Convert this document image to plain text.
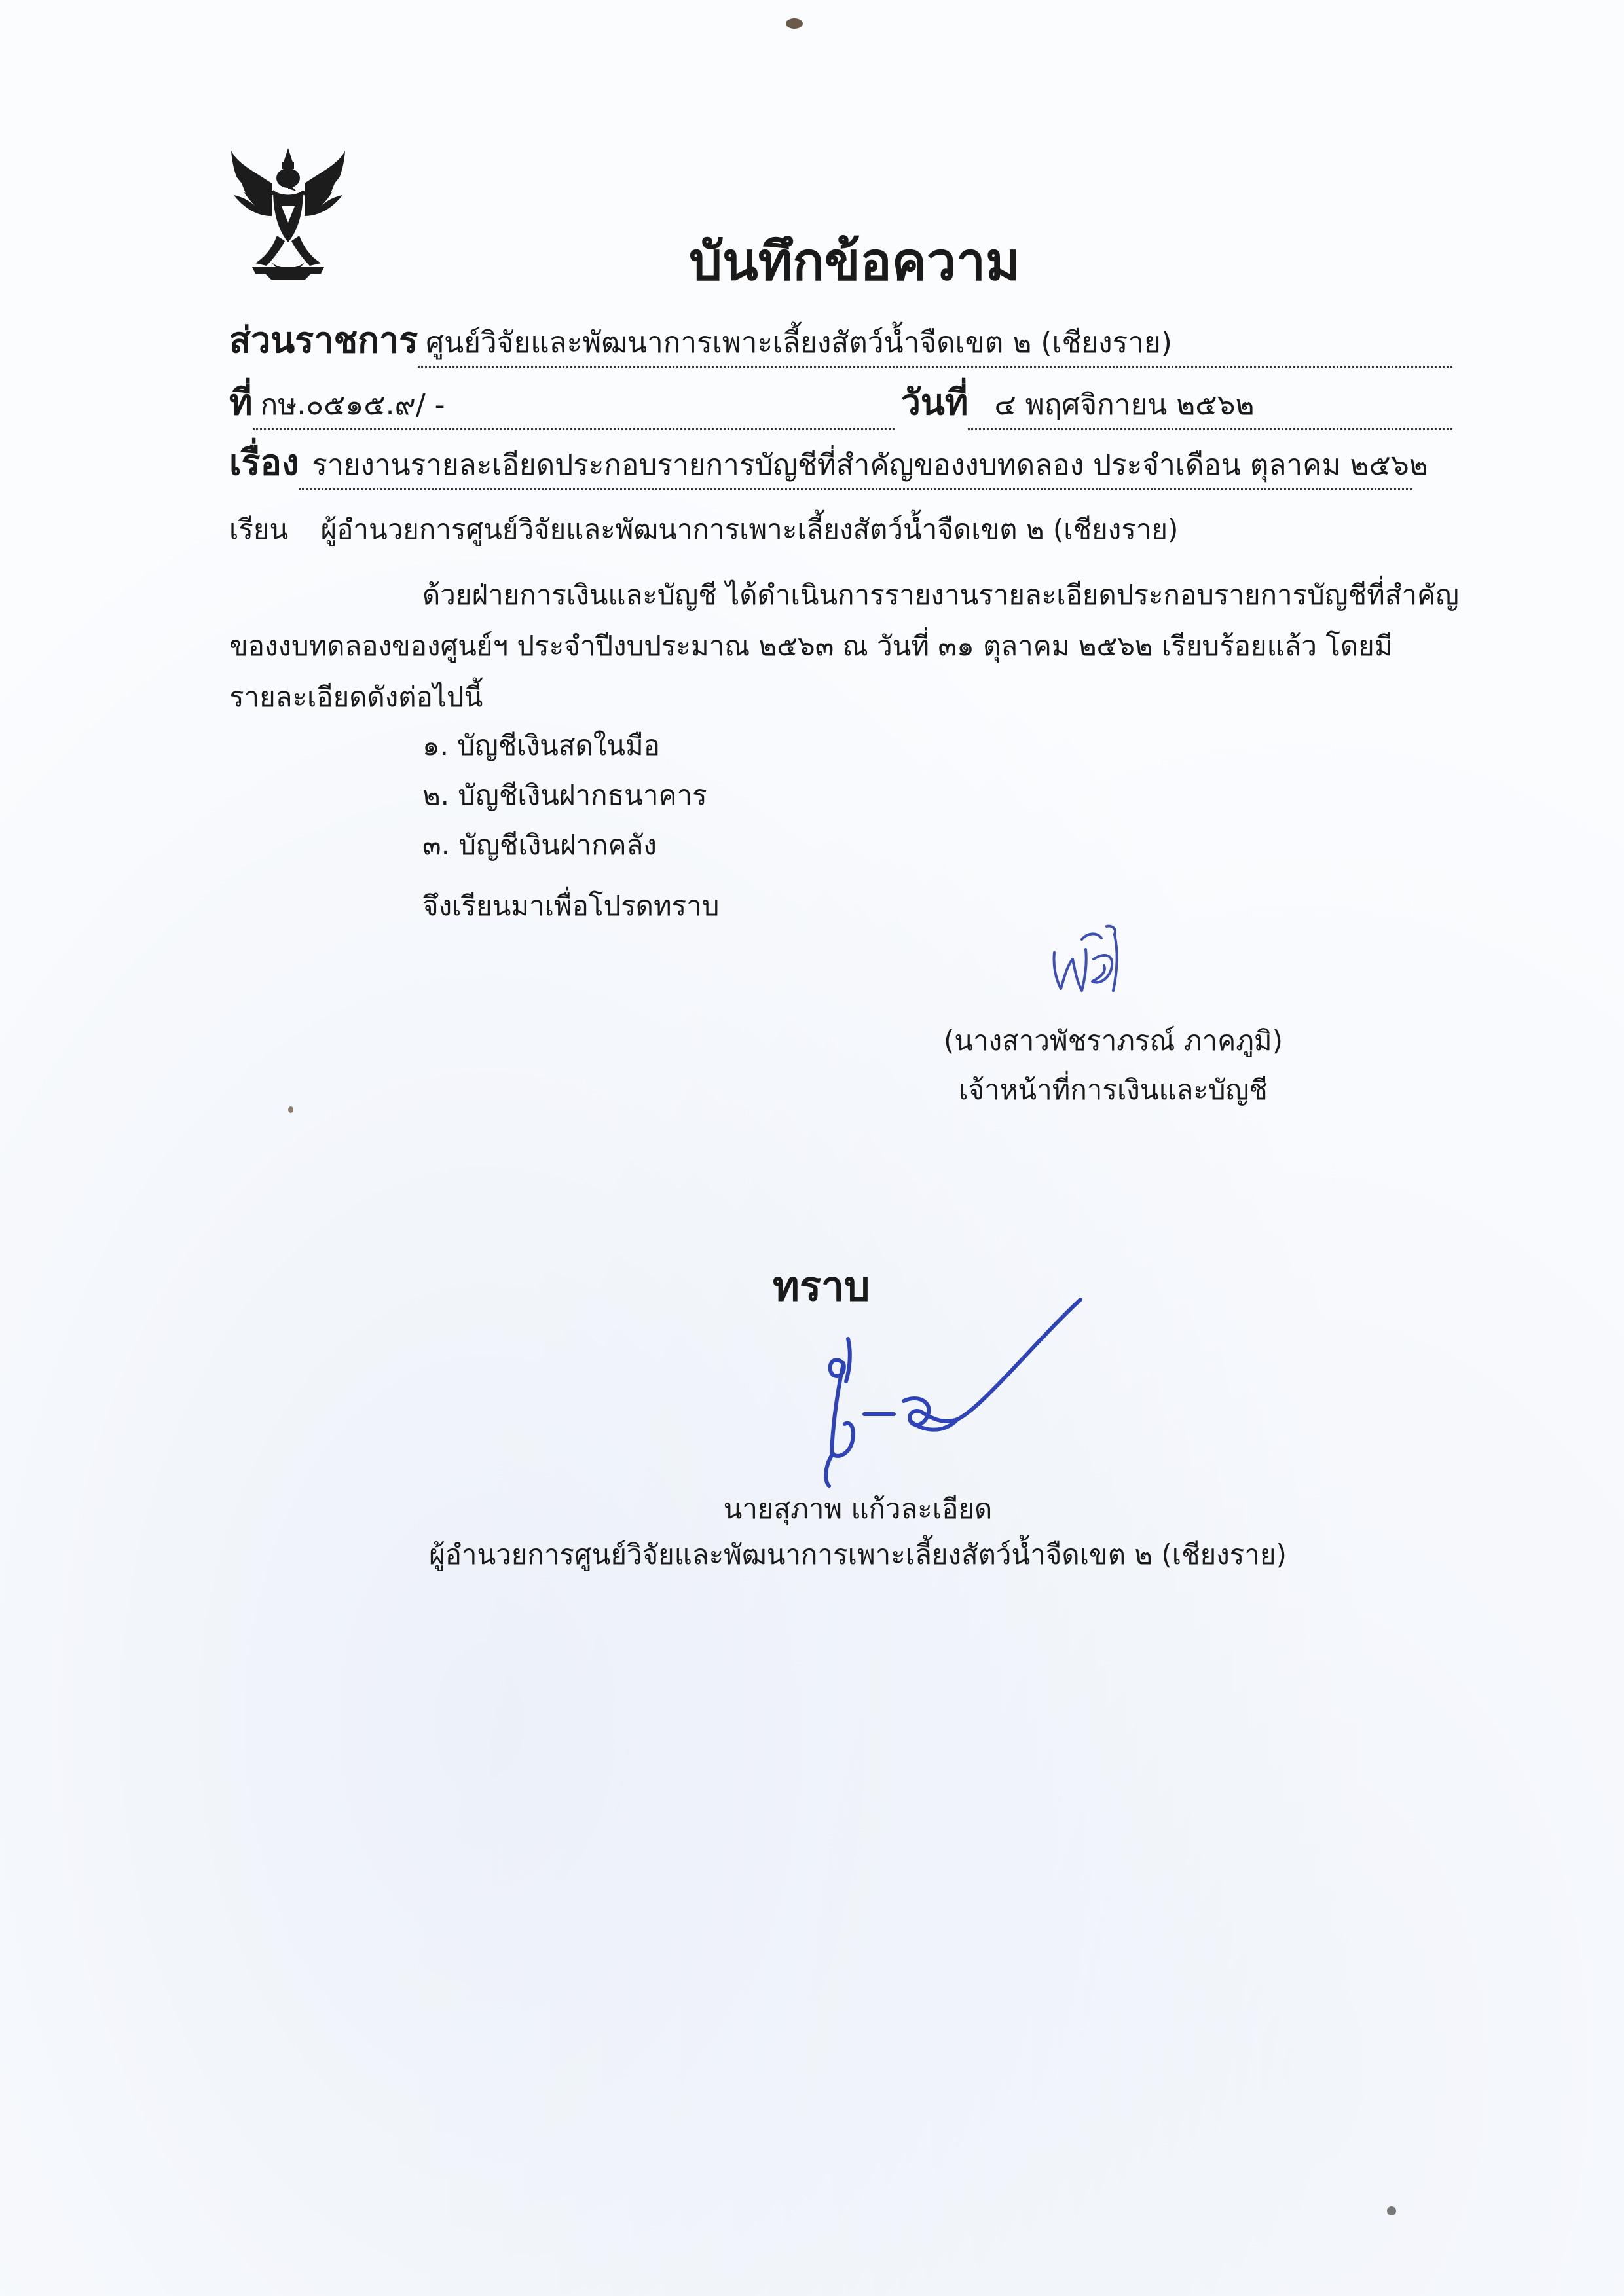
บันทึกข้อความ
ส่วนราชการ ศูนย์วิจัยและพัฒนาการเพาะเลี้ยงสัตว์น้ำจืดเขต ๒ (เชียงราย)
ที่ กษ.๐๕๑๕.๙/ -	วันที่ ๔ พฤศจิกายน ๒๕๖๒
เรื่อง รายงานรายละเอียดประกอบรายการบัญชีที่สำคัญของงบทดลอง ประจำเดือน ตุลาคม ๒๕๖๒
เรียน ผู้อำนวยการศูนย์วิจัยและพัฒนาการเพาะเลี้ยงสัตว์น้ำจืดเขต ๒ (เชียงราย)
ด้วยฝ่ายการเงินและบัญชี ได้ดำเนินการรายงานรายละเอียดประกอบรายการบัญชีที่สำคัญ
ของงบทดลองของศูนย์ฯ ประจำปีงบประมาณ ๒๕๖๓ ณ วันที่ ๓๑ ตุลาคม ๒๕๖๒ เรียบร้อยแล้ว โดยมี
รายละเอียดดังต่อไปนี้
๑. บัญชีเงินสดในมือ
๒. บัญชีเงินฝากธนาคาร
๓. บัญชีเงินฝากคลัง
จึงเรียนมาเพื่อโปรดทราบ
(นางสาวพัชราภรณ์ ภาคภูมิ)
เจ้าหน้าที่การเงินและบัญชี
ทราบ
นายสุภาพ แก้วละเอียด
ผู้อำนวยการศูนย์วิจัยและพัฒนาการเพาะเลี้ยงสัตว์น้ำจืดเขต ๒ (เชียงราย)
